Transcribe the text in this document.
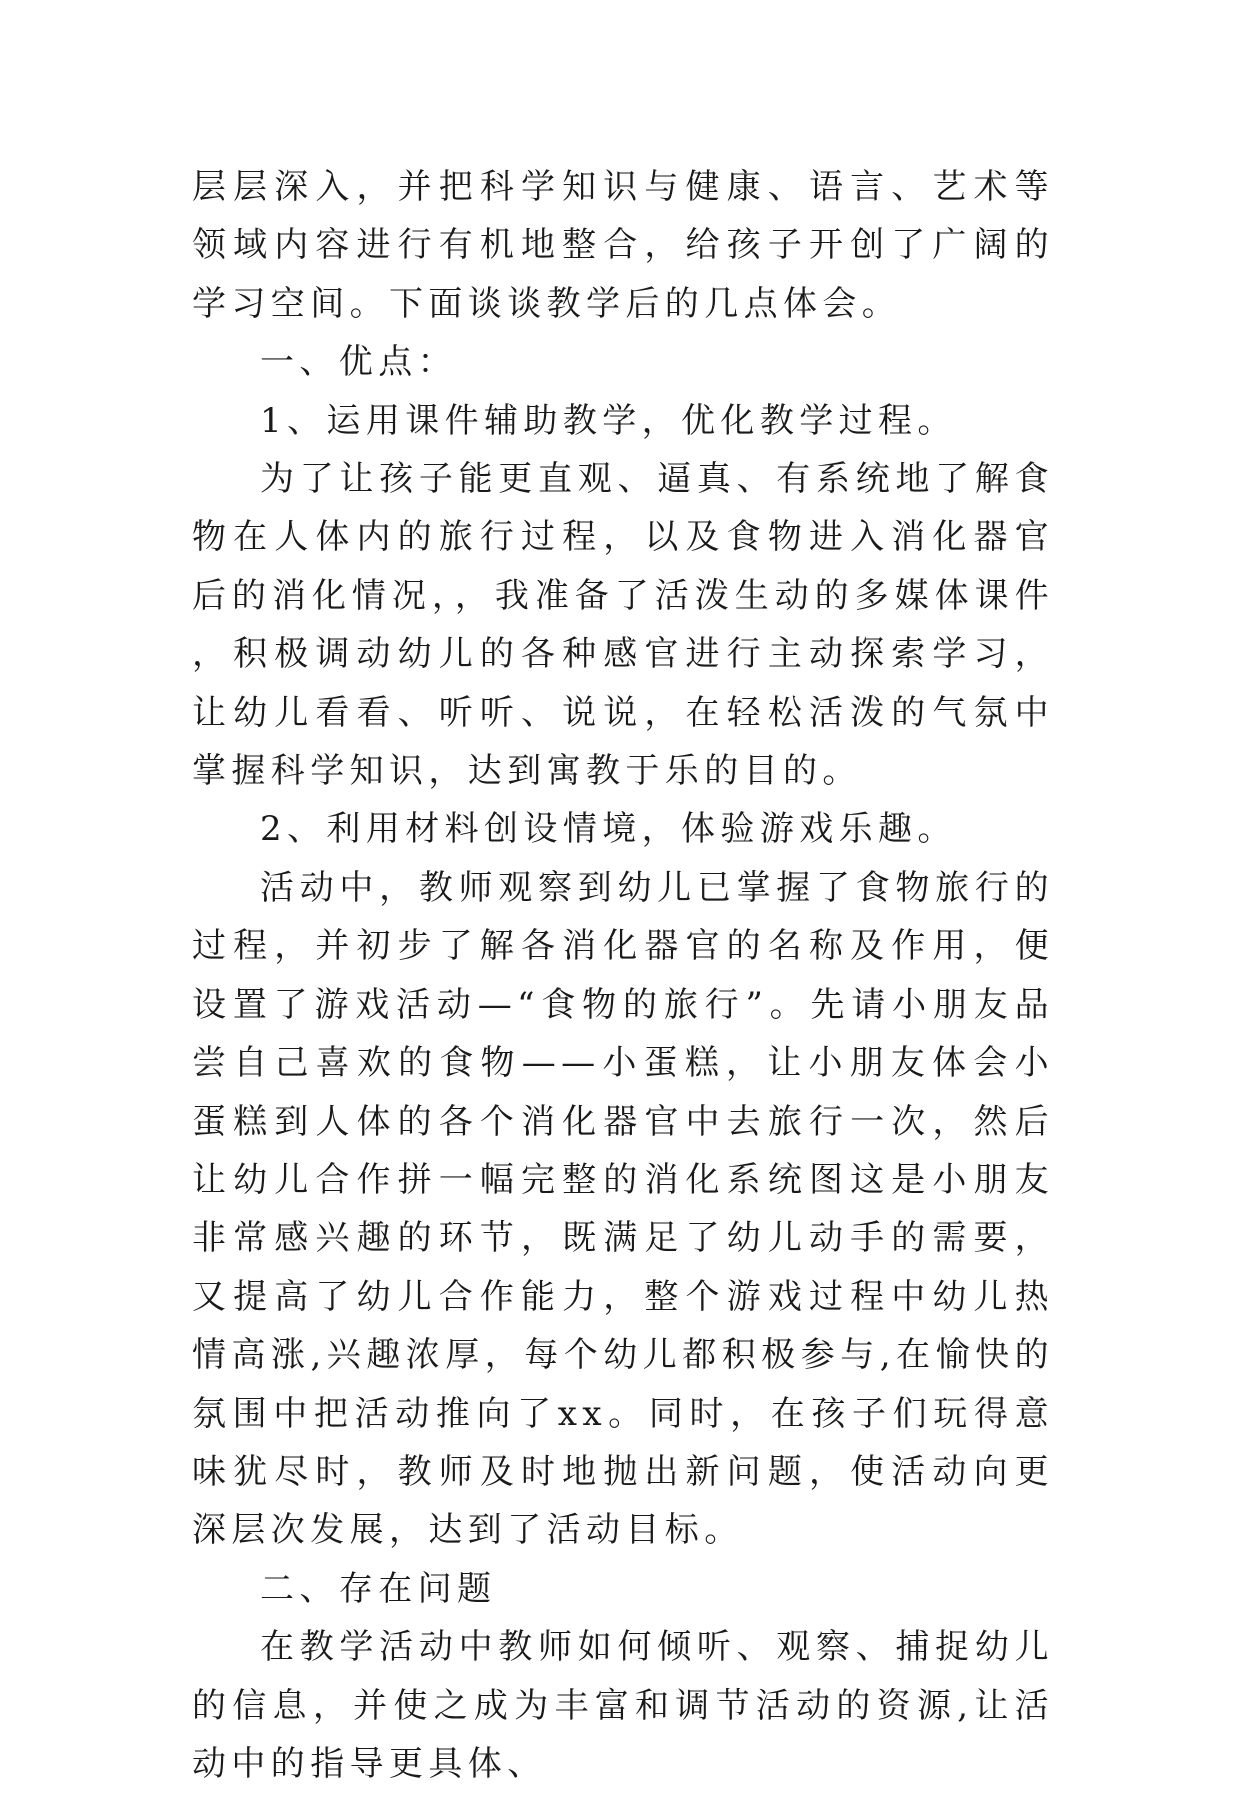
层层深入，并把科学知识与健康、语言、艺术等领域内容进行有机地整合，给孩子开创了广阔的学习空间。下面谈谈教学后的几点体会。

一、优点：

1、运用课件辅助教学，优化教学过程。

为了让孩子能更直观、逼真、有系统地了解食物在人体内的旅行过程，以及食物进入消化器官后的消化情况，，我准备了活泼生动的多媒体课件，积极调动幼儿的各种感官进行主动探索学习，让幼儿看看、听听、说说，在轻松活泼的气氛中掌握科学知识，达到寓教于乐的目的。

2、利用材料创设情境，体验游戏乐趣。

活动中，教师观察到幼儿已掌握了食物旅行的过程，并初步了解各消化器官的名称及作用，便设置了游戏活动—“食物的旅行”。先请小朋友品尝自己喜欢的食物——小蛋糕，让小朋友体会小蛋糕到人体的各个消化器官中去旅行一次，然后让幼儿合作拼一幅完整的消化系统图这是小朋友非常感兴趣的环节，既满足了幼儿动手的需要，又提高了幼儿合作能力，整个游戏过程中幼儿热情高涨,兴趣浓厚，每个幼儿都积极参与,在愉快的氛围中把活动推向了xx。同时，在孩子们玩得意味犹尽时，教师及时地抛出新问题，使活动向更深层次发展，达到了活动目标。

二、存在问题

在教学活动中教师如何倾听、观察、捕捉幼儿的信息，并使之成为丰富和调节活动的资源,让活动中的指导更具体、
